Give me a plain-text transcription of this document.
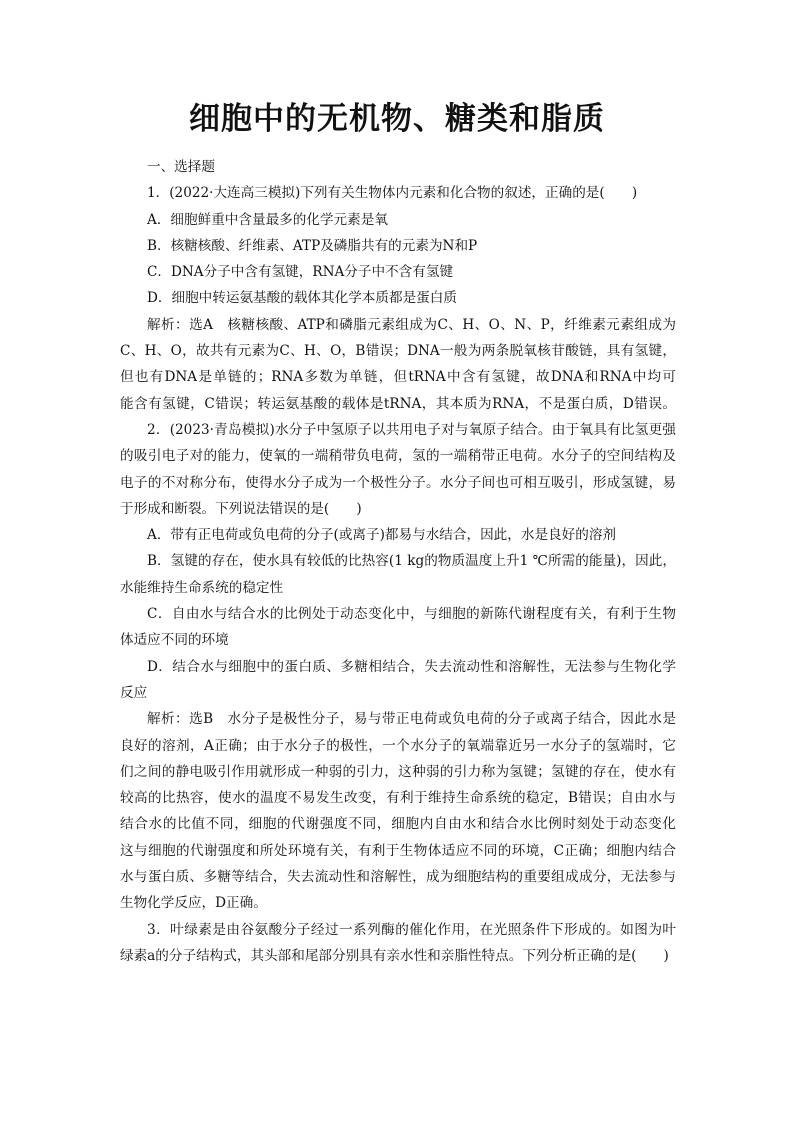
细胞中的无机物、糖类和脂质
一、选择题
1．(2022·大连高三模拟)下列有关生物体内元素和化合物的叙述，正确的是(　　)
A．细胞鲜重中含量最多的化学元素是氧
B．核糖核酸、纤维素、ATP及磷脂共有的元素为N和P
C．DNA分子中含有氢键，RNA分子中不含有氢键
D．细胞中转运氨基酸的载体其化学本质都是蛋白质
解析：选A　核糖核酸、ATP和磷脂元素组成为C、H、O、N、P，纤维素元素组成为
C、H、O，故共有元素为C、H、O，B错误；DNA一般为两条脱氧核苷酸链，具有氢键，
但也有DNA是单链的；RNA多数为单链，但tRNA中含有氢键，故DNA和RNA中均可
能含有氢键，C错误；转运氨基酸的载体是tRNA，其本质为RNA，不是蛋白质，D错误。
2．(2023·青岛模拟)水分子中氢原子以共用电子对与氧原子结合。由于氧具有比氢更强
的吸引电子对的能力，使氧的一端稍带负电荷，氢的一端稍带正电荷。水分子的空间结构及
电子的不对称分布，使得水分子成为一个极性分子。水分子间也可相互吸引，形成氢键，易
于形成和断裂。下列说法错误的是(　　)
A．带有正电荷或负电荷的分子(或离子)都易与水结合，因此，水是良好的溶剂
B．氢键的存在，使水具有较低的比热容(1 kg的物质温度上升1 ℃所需的能量)，因此，
水能维持生命系统的稳定性
C．自由水与结合水的比例处于动态变化中，与细胞的新陈代谢程度有关，有利于生物
体适应不同的环境
D．结合水与细胞中的蛋白质、多糖相结合，失去流动性和溶解性，无法参与生物化学
反应
解析：选B　水分子是极性分子，易与带正电荷或负电荷的分子或离子结合，因此水是
良好的溶剂，A正确；由于水分子的极性，一个水分子的氧端靠近另一水分子的氢端时，它
们之间的静电吸引作用就形成一种弱的引力，这种弱的引力称为氢键；氢键的存在，使水有
较高的比热容，使水的温度不易发生改变，有利于维持生命系统的稳定，B错误；自由水与
结合水的比值不同，细胞的代谢强度不同，细胞内自由水和结合水比例时刻处于动态变化
这与细胞的代谢强度和所处环境有关，有利于生物体适应不同的环境，C正确；细胞内结合
水与蛋白质、多糖等结合，失去流动性和溶解性，成为细胞结构的重要组成成分，无法参与
生物化学反应，D正确。
3．叶绿素是由谷氨酸分子经过一系列酶的催化作用，在光照条件下形成的。如图为叶
绿素a的分子结构式，其头部和尾部分别具有亲水性和亲脂性特点。下列分析正确的是(　　)
